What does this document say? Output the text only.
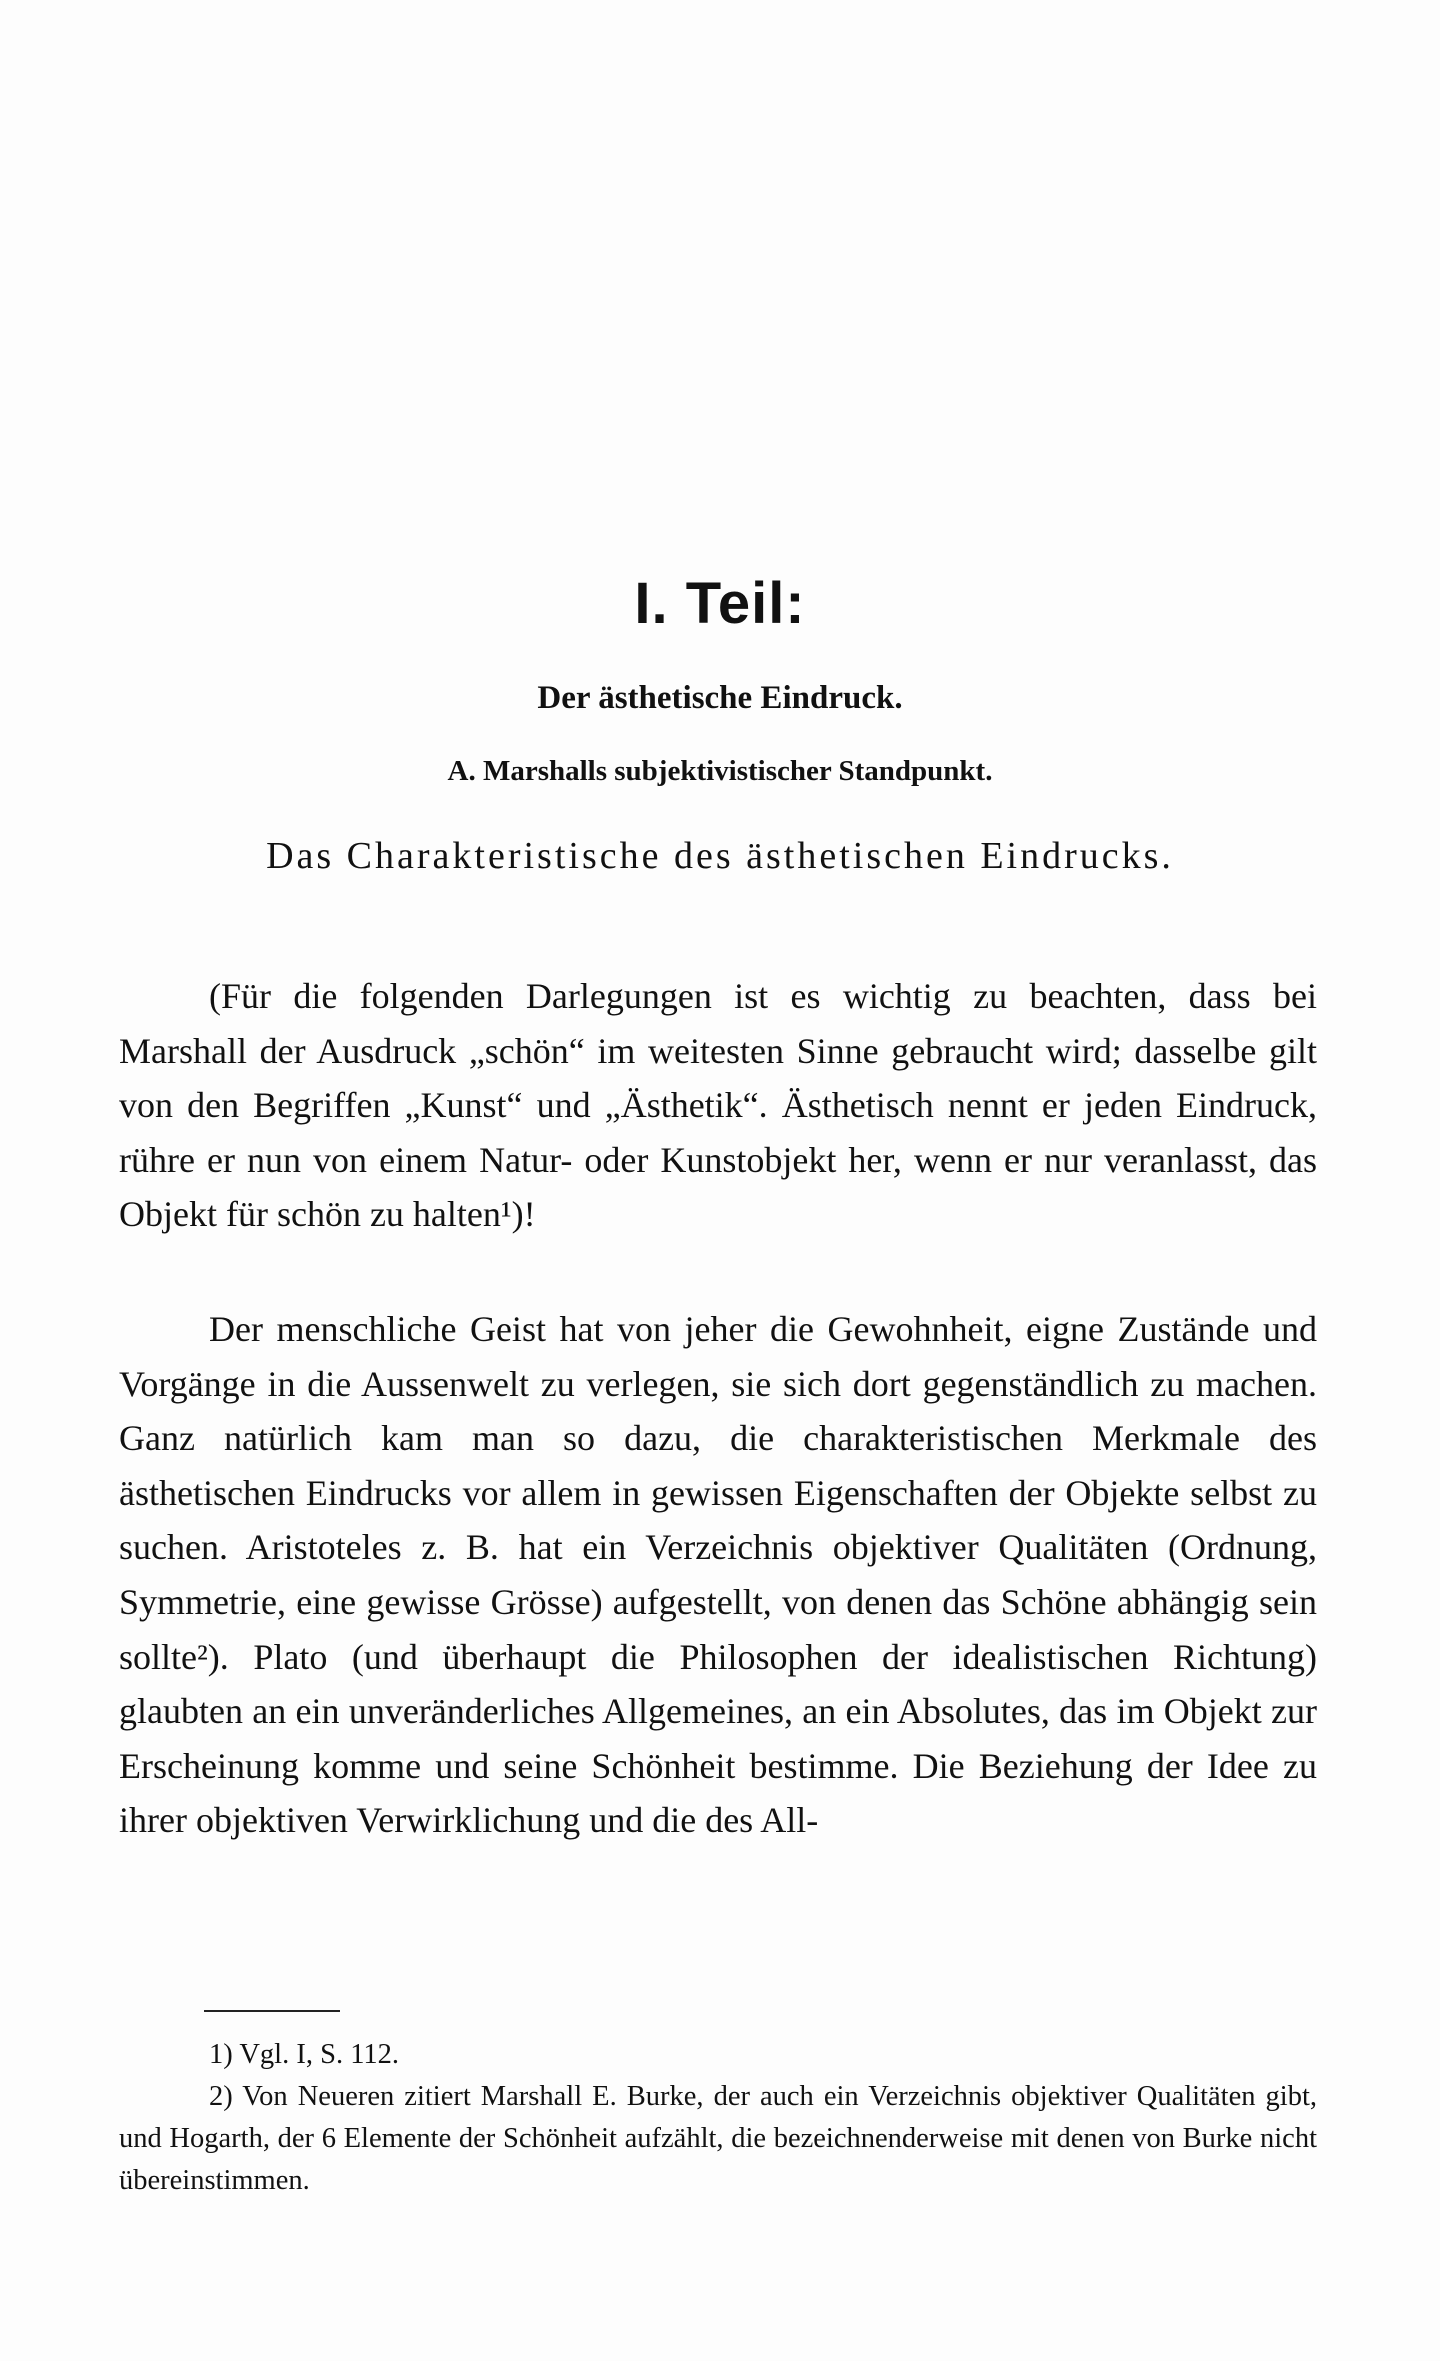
I. Teil:
Der ästhetische Eindruck.
A. Marshalls subjektivistischer Standpunkt.
Das Charakteristische des ästhetischen Eindrucks.

(Für die folgenden Darlegungen ist es wichtig zu beachten, dass bei Marshall der Ausdruck „schön“ im weitesten Sinne gebraucht wird; dasselbe gilt von den Begriffen „Kunst“ und „Ästhetik“. Ästhetisch nennt er jeden Eindruck, rühre er nun von einem Natur- oder Kunstobjekt her, wenn er nur veranlasst, das Objekt für schön zu halten¹)!

Der menschliche Geist hat von jeher die Gewohnheit, eigne Zustände und Vorgänge in die Aussenwelt zu verlegen, sie sich dort gegenständlich zu machen. Ganz natürlich kam man so dazu, die charakteristischen Merkmale des ästhetischen Eindrucks vor allem in gewissen Eigenschaften der Objekte selbst zu suchen. Aristoteles z. B. hat ein Verzeichnis objektiver Qualitäten (Ordnung, Symmetrie, eine gewisse Grösse) aufgestellt, von denen das Schöne abhängig sein sollte²). Plato (und überhaupt die Philosophen der idealistischen Richtung) glaubten an ein unveränderliches Allgemeines, an ein Absolutes, das im Objekt zur Erscheinung komme und seine Schönheit bestimme. Die Beziehung der Idee zu ihrer objektiven Verwirklichung und die des All-

1) Vgl. I, S. 112.

2) Von Neueren zitiert Marshall E. Burke, der auch ein Verzeichnis objektiver Qualitäten gibt, und Hogarth, der 6 Elemente der Schönheit aufzählt, die bezeichnenderweise mit denen von Burke nicht übereinstimmen.
